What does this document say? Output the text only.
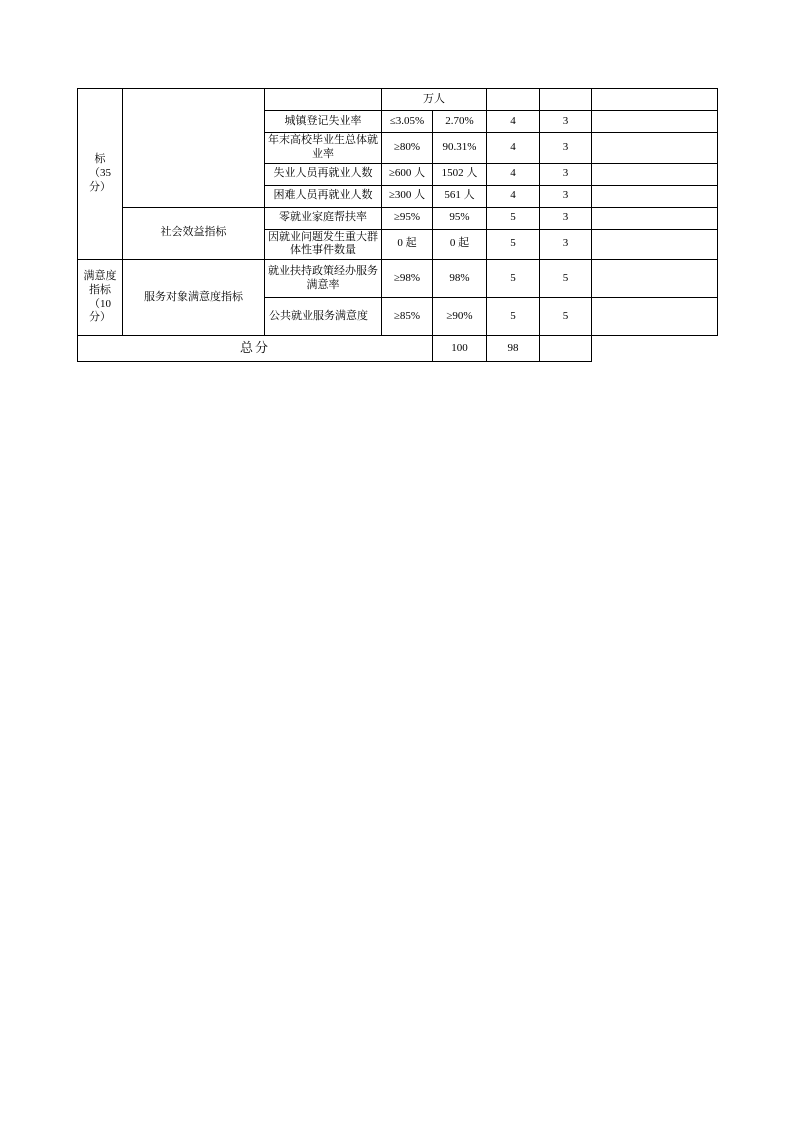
标
（35
分）			万人				
		城镇登记失业率	≤3.05%	2.70%	4	3	
		年末高校毕业生总体就业率	≥80%	90.31%	4	3	
		失业人员再就业人数	≥600 人	1502 人	4	3	
		困难人员再就业人数	≥300 人	561 人	4	3	
	社会效益指标	零就业家庭帮扶率	≥95%	95%	5	3	
		因就业问题发生重大群体性事件数量	0 起	0 起	5	3	

满意度
指标
（10
分）	服务对象满意度指标	就业扶持政策经办服务满意率	≥98%	98%	5	5	
		公共就业服务满意度	≥85%	≥90%	5	5	
总分				100	98		
